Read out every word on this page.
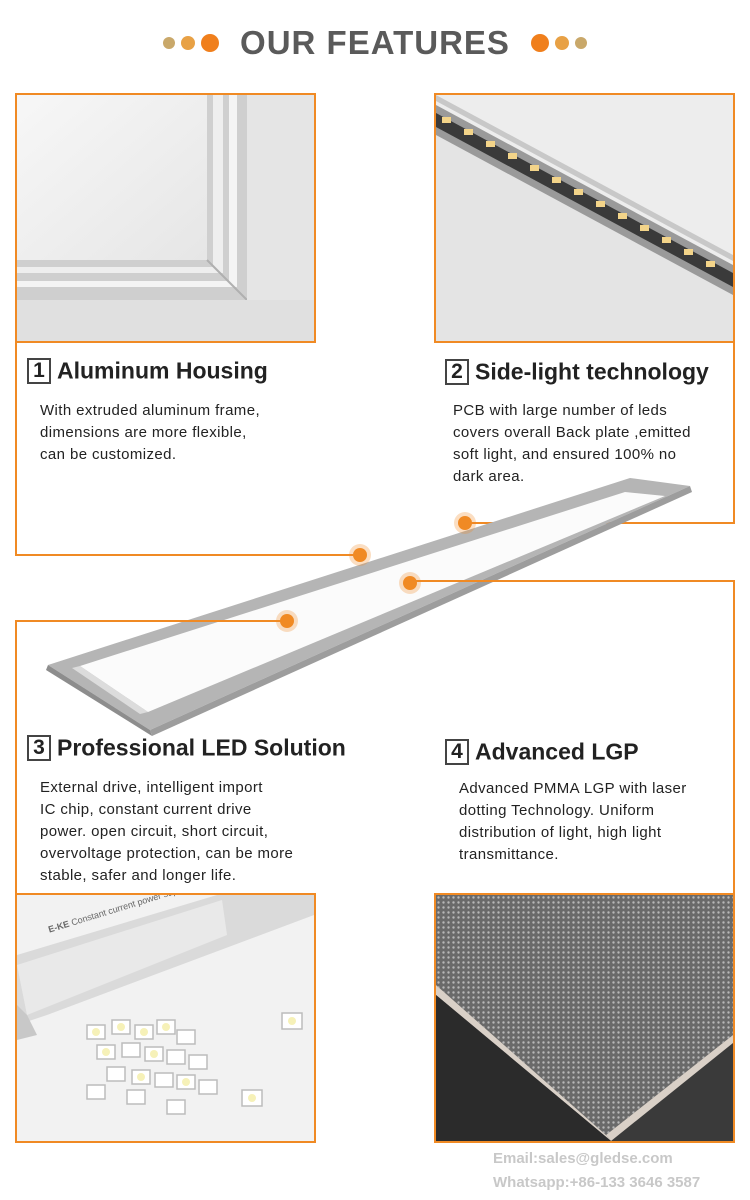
OUR FEATURES
1 Aluminum Housing
With extruded aluminum frame,
dimensions are more flexible,
can be customized.
2 Side-light technology
PCB with large number of leds
covers overall Back plate ,emitted
soft light, and ensured 100% no
dark area.
3 Professional LED Solution
External drive, intelligent import
IC chip, constant current drive
power. open circuit, short circuit,
overvoltage protection, can be more
stable, safer and longer life.
E-KE
4 Advanced LGP
Advanced PMMA LGP with laser
dotting Technology. Uniform
distribution of light, high light
transmittance.
Email:sales@gledse.com
Whatsapp:+86-133 3646 3587
